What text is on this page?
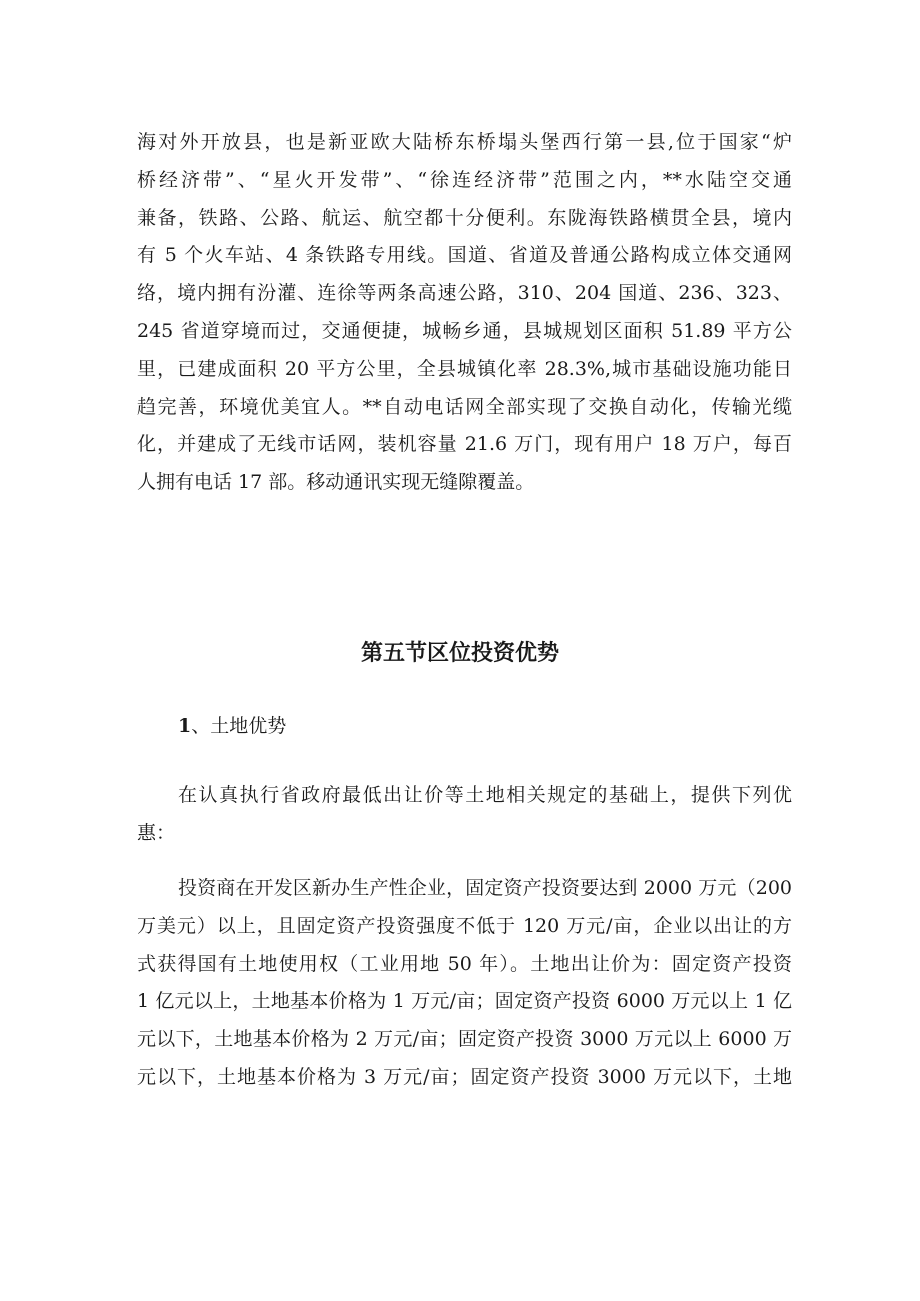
海对外开放县，也是新亚欧大陆桥东桥塌头堡西行第一县,位于国家“炉
桥经济带”、“星火开发带”、“徐连经济带”范围之内，**水陆空交通
兼备，铁路、公路、航运、航空都十分便利。东陇海铁路横贯全县，境内
有 5 个火车站、4 条铁路专用线。国道、省道及普通公路构成立体交通网
络，境内拥有汾灌、连徐等两条高速公路，310、204 国道、236、323、
245 省道穿境而过，交通便捷，城畅乡通，县城规划区面积 51.89 平方公
里，已建成面积 20 平方公里，全县城镇化率 28.3%,城市基础设施功能日
趋完善，环境优美宜人。**自动电话网全部实现了交换自动化，传输光缆
化，并建成了无线市话网，装机容量 21.6 万门，现有用户 18 万户，每百
人拥有电话 17 部。移动通讯实现无缝隙覆盖。
第五节区位投资优势

1、土地优势

在认真执行省政府最低出让价等土地相关规定的基础上，提供下列优
惠：
投资商在开发区新办生产性企业，固定资产投资要达到 2000 万元（200
万美元）以上，且固定资产投资强度不低于 120 万元/亩，企业以出让的方
式获得国有土地使用权（工业用地 50 年）。土地出让价为：固定资产投资
1 亿元以上，土地基本价格为 1 万元/亩；固定资产投资 6000 万元以上 1 亿
元以下，土地基本价格为 2 万元/亩；固定资产投资 3000 万元以上 6000 万
元以下，土地基本价格为 3 万元/亩；固定资产投资 3000 万元以下，土地
